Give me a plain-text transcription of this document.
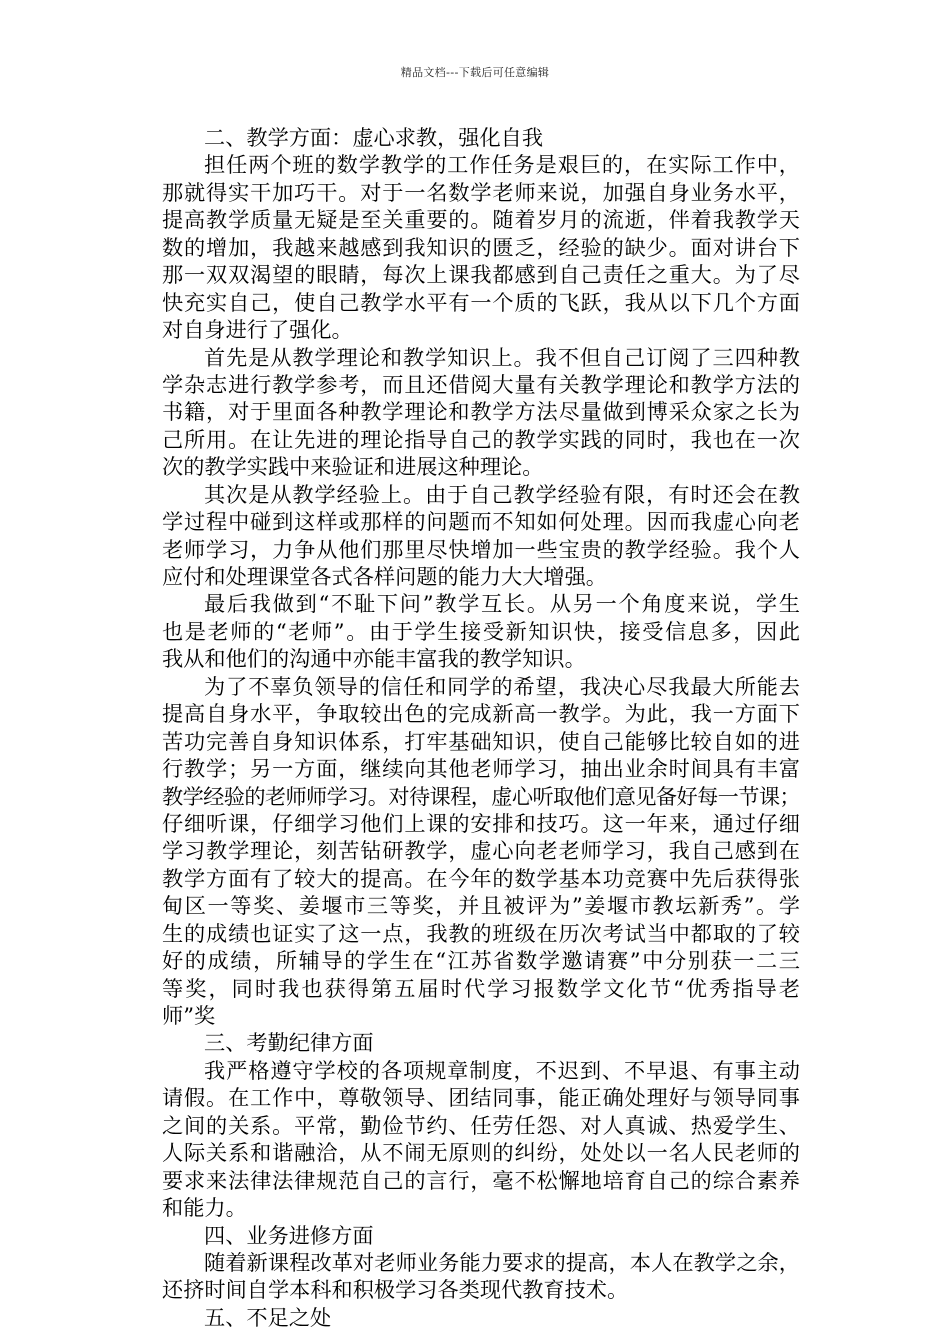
精品文档---下载后可任意编辑
二、教学方面：虚心求教，强化自我
担任两个班的数学教学的工作任务是艰巨的，在实际工作中，
那就得实干加巧干。对于一名数学老师来说，加强自身业务水平，
提高教学质量无疑是至关重要的。随着岁月的流逝，伴着我教学天
数的增加，我越来越感到我知识的匮乏，经验的缺少。面对讲台下
那一双双渴望的眼睛，每次上课我都感到自己责任之重大。为了尽
快充实自己，使自己教学水平有一个质的飞跃，我从以下几个方面
对自身进行了强化。
首先是从教学理论和教学知识上。我不但自己订阅了三四种教
学杂志进行教学参考，而且还借阅大量有关教学理论和教学方法的
书籍，对于里面各种教学理论和教学方法尽量做到博采众家之长为
己所用。在让先进的理论指导自己的教学实践的同时，我也在一次
次的教学实践中来验证和进展这种理论。
其次是从教学经验上。由于自己教学经验有限，有时还会在教
学过程中碰到这样或那样的问题而不知如何处理。因而我虚心向老
老师学习，力争从他们那里尽快增加一些宝贵的教学经验。我个人
应付和处理课堂各式各样问题的能力大大增强。
最后我做到“不耻下问”教学互长。从另一个角度来说，学生
也是老师的“老师”。由于学生接受新知识快，接受信息多，因此
我从和他们的沟通中亦能丰富我的教学知识。
为了不辜负领导的信任和同学的希望，我决心尽我最大所能去
提高自身水平，争取较出色的完成新高一教学。为此，我一方面下
苦功完善自身知识体系，打牢基础知识，使自己能够比较自如的进
行教学；另一方面，继续向其他老师学习，抽出业余时间具有丰富
教学经验的老师师学习。对待课程，虚心听取他们意见备好每一节课；
仔细听课，仔细学习他们上课的安排和技巧。这一年来，通过仔细
学习教学理论，刻苦钻研教学，虚心向老老师学习，我自己感到在
教学方面有了较大的提高。在今年的数学基本功竞赛中先后获得张
甸区一等奖、姜堰市三等奖，并且被评为”姜堰市教坛新秀”。学
生的成绩也证实了这一点，我教的班级在历次考试当中都取的了较
好的成绩，所辅导的学生在“江苏省数学邀请赛”中分别获一二三
等奖，同时我也获得第五届时代学习报数学文化节“优秀指导老
师”奖
三、考勤纪律方面
我严格遵守学校的各项规章制度，不迟到、不早退、有事主动
请假。在工作中，尊敬领导、团结同事，能正确处理好与领导同事
之间的关系。平常，勤俭节约、任劳任怨、对人真诚、热爱学生、
人际关系和谐融洽，从不闹无原则的纠纷，处处以一名人民老师的
要求来法律法律规范自己的言行，毫不松懈地培育自己的综合素养
和能力。
四、业务进修方面
随着新课程改革对老师业务能力要求的提高，本人在教学之余，
还挤时间自学本科和积极学习各类现代教育技术。
五、不足之处
